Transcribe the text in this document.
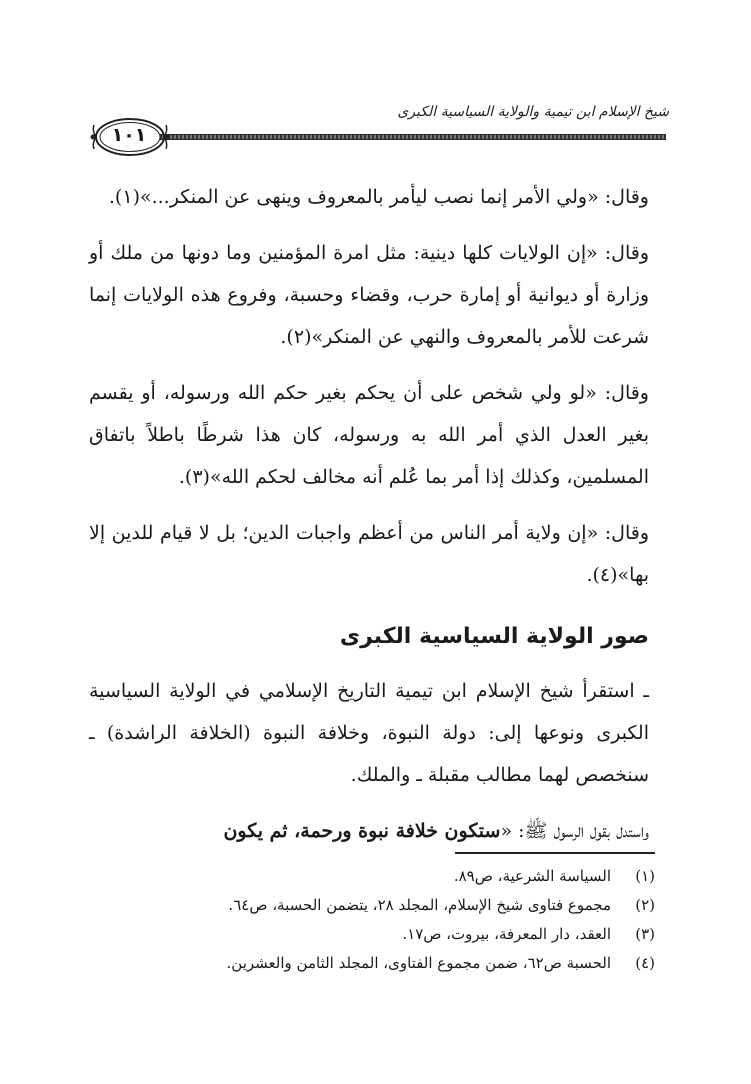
شيخ الإسلام ابن تيمية والولاية السياسية الكبرى
١٠١

وقال: «ولي الأمر إنما نصب ليأمر بالمعروف وينهى عن المنكر...»(١).

وقال: «إن الولايات كلها دينية: مثل امرة المؤمنين وما دونها من ملك أو وزارة أو ديوانية أو إمارة حرب، وقضاء وحسبة، وفروع هذه الولايات إنما شرعت للأمر بالمعروف والنهي عن المنكر»(٢).

وقال: «لو ولي شخص على أن يحكم بغير حكم الله ورسوله، أو يقسم بغير العدل الذي أمر الله به ورسوله، كان هذا شرطًا باطلاً باتفاق المسلمين، وكذلك إذا أمر بما عُلم أنه مخالف لحكم الله»(٣).

وقال: «إن ولاية أمر الناس من أعظم واجبات الدين؛ بل لا قيام للدين إلا بها»(٤).

صور الولاية السياسية الكبرى

ـ استقرأ شيخ الإسلام ابن تيمية التاريخ الإسلامي في الولاية السياسية الكبرى ونوعها إلى: دولة النبوة، وخلافة النبوة (الخلافة الراشدة) ـ سنخصص لهما مطالب مقبلة ـ والملك.

واستدل بقول الرسول ﷺ: «ستكون خلافة نبوة ورحمة، ثم يكون

(١)السياسة الشرعية، ص٨٩.
(٢)مجموع فتاوى شيخ الإسلام، المجلد ٢٨، يتضمن الحسبة، ص٦٤.
(٣)العقد، دار المعرفة، بيروت، ص١٧.
(٤)الحسبة ص٦٢، ضمن مجموع الفتاوى، المجلد الثامن والعشرين.
